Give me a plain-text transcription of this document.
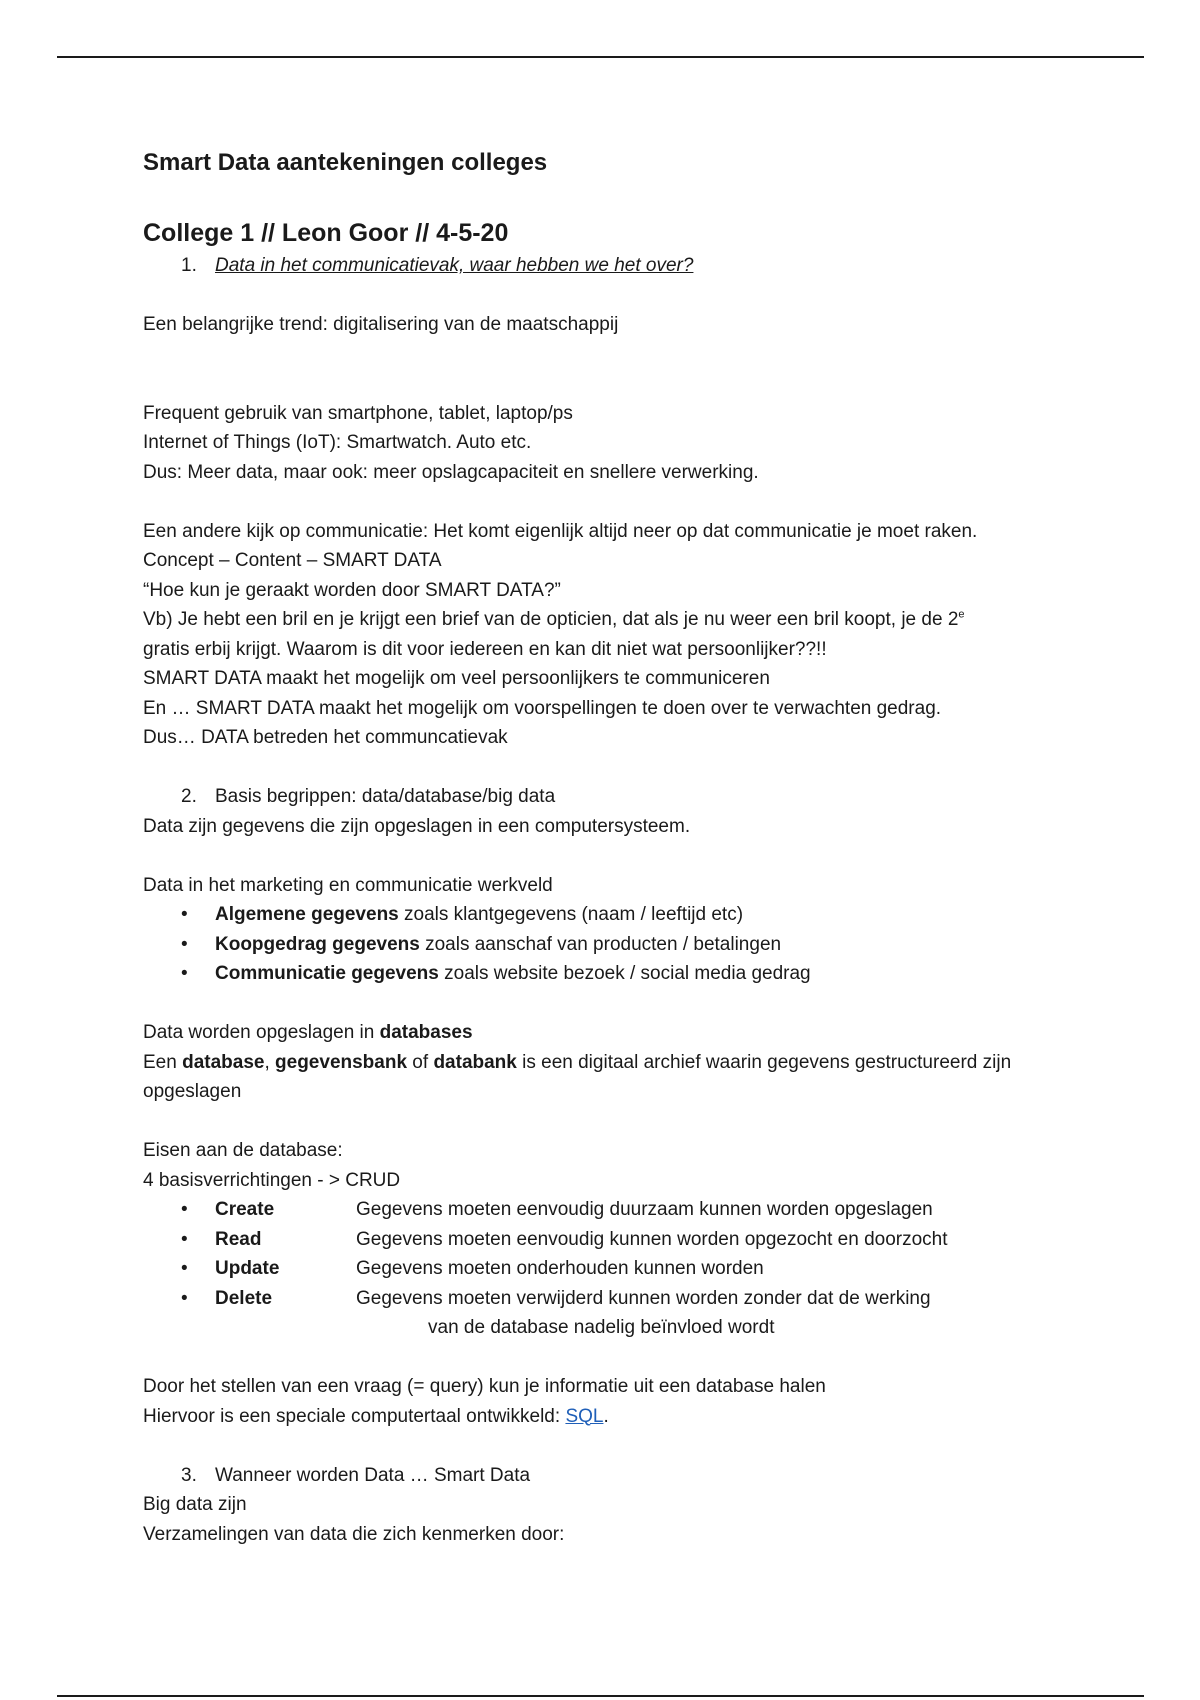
Smart Data aantekeningen colleges

College 1 // Leon Goor // 4-5-20

1. Data in het communicatievak, waar hebben we het over?

Een belangrijke trend: digitalisering van de maatschappij

Frequent gebruik van smartphone, tablet, laptop/ps

Internet of Things (IoT): Smartwatch. Auto etc.

Dus: Meer data, maar ook: meer opslagcapaciteit en snellere verwerking.

Een andere kijk op communicatie: Het komt eigenlijk altijd neer op dat communicatie je moet raken.

Concept – Content – SMART DATA

“Hoe kun je geraakt worden door SMART DATA?”

Vb) Je hebt een bril en je krijgt een brief van de opticien, dat als je nu weer een bril koopt, je de 2e

gratis erbij krijgt. Waarom is dit voor iedereen en kan dit niet wat persoonlijker??!!

SMART DATA maakt het mogelijk om veel persoonlijkers te communiceren

En … SMART DATA maakt het mogelijk om voorspellingen te doen over te verwachten gedrag.

Dus… DATA betreden het communcatievak

2. Basis begrippen: data/database/big data

Data zijn gegevens die zijn opgeslagen in een computersysteem.

Data in het marketing en communicatie werkveld

• Algemene gegevens zoals klantgegevens (naam / leeftijd etc)
• Koopgedrag gegevens zoals aanschaf van producten / betalingen
• Communicatie gegevens zoals website bezoek / social media gedrag

Data worden opgeslagen in databases

Een database, gegevensbank of databank is een digitaal archief waarin gegevens gestructureerd zijn

opgeslagen

Eisen aan de database:

4 basisverrichtingen - > CRUD

• Create	Gegevens moeten eenvoudig duurzaam kunnen worden opgeslagen
• Read	Gegevens moeten eenvoudig kunnen worden opgezocht en doorzocht
• Update	Gegevens moeten onderhouden kunnen worden
• Delete	Gegevens moeten verwijderd kunnen worden zonder dat de werking
van de database nadelig beïnvloed wordt

Door het stellen van een vraag (= query) kun je informatie uit een database halen

Hiervoor is een speciale computertaal ontwikkeld: SQL.

3. Wanneer worden Data … Smart Data

Big data zijn

Verzamelingen van data die zich kenmerken door:
